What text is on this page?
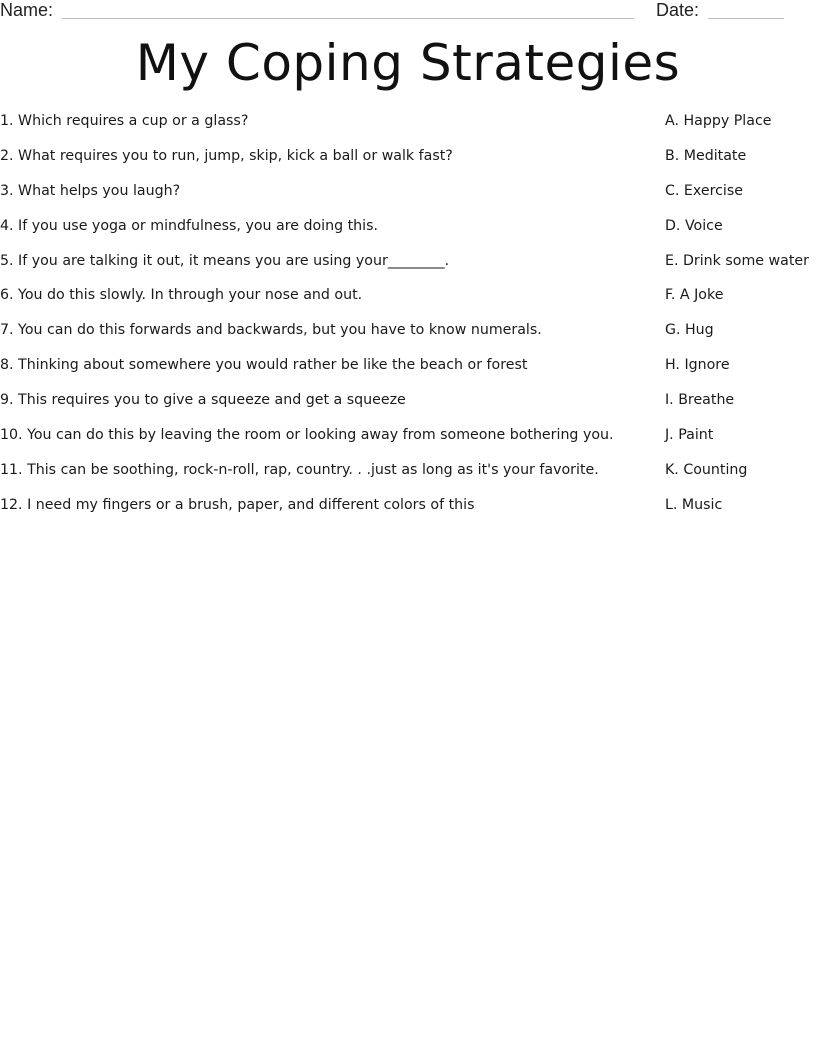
Name:	Date:
My Coping Strategies
1. Which requires a cup or a glass?
2. What requires you to run, jump, skip, kick a ball or walk fast?
3. What helps you laugh?
4. If you use yoga or mindfulness, you are doing this.
5. If you are talking it out, it means you are using your________.
6. You do this slowly. In through your nose and out.
7. You can do this forwards and backwards, but you have to know numerals.
8. Thinking about somewhere you would rather be like the beach or forest
9. This requires you to give a squeeze and get a squeeze
10. You can do this by leaving the room or looking away from someone bothering you.
11. This can be soothing, rock-n-roll, rap, country. . .just as long as it's your favorite.
12. I need my fingers or a brush, paper, and different colors of this
A. Happy Place
B. Meditate
C. Exercise
D. Voice
E. Drink some water
F. A Joke
G. Hug
H. Ignore
I. Breathe
J. Paint
K. Counting
L. Music
